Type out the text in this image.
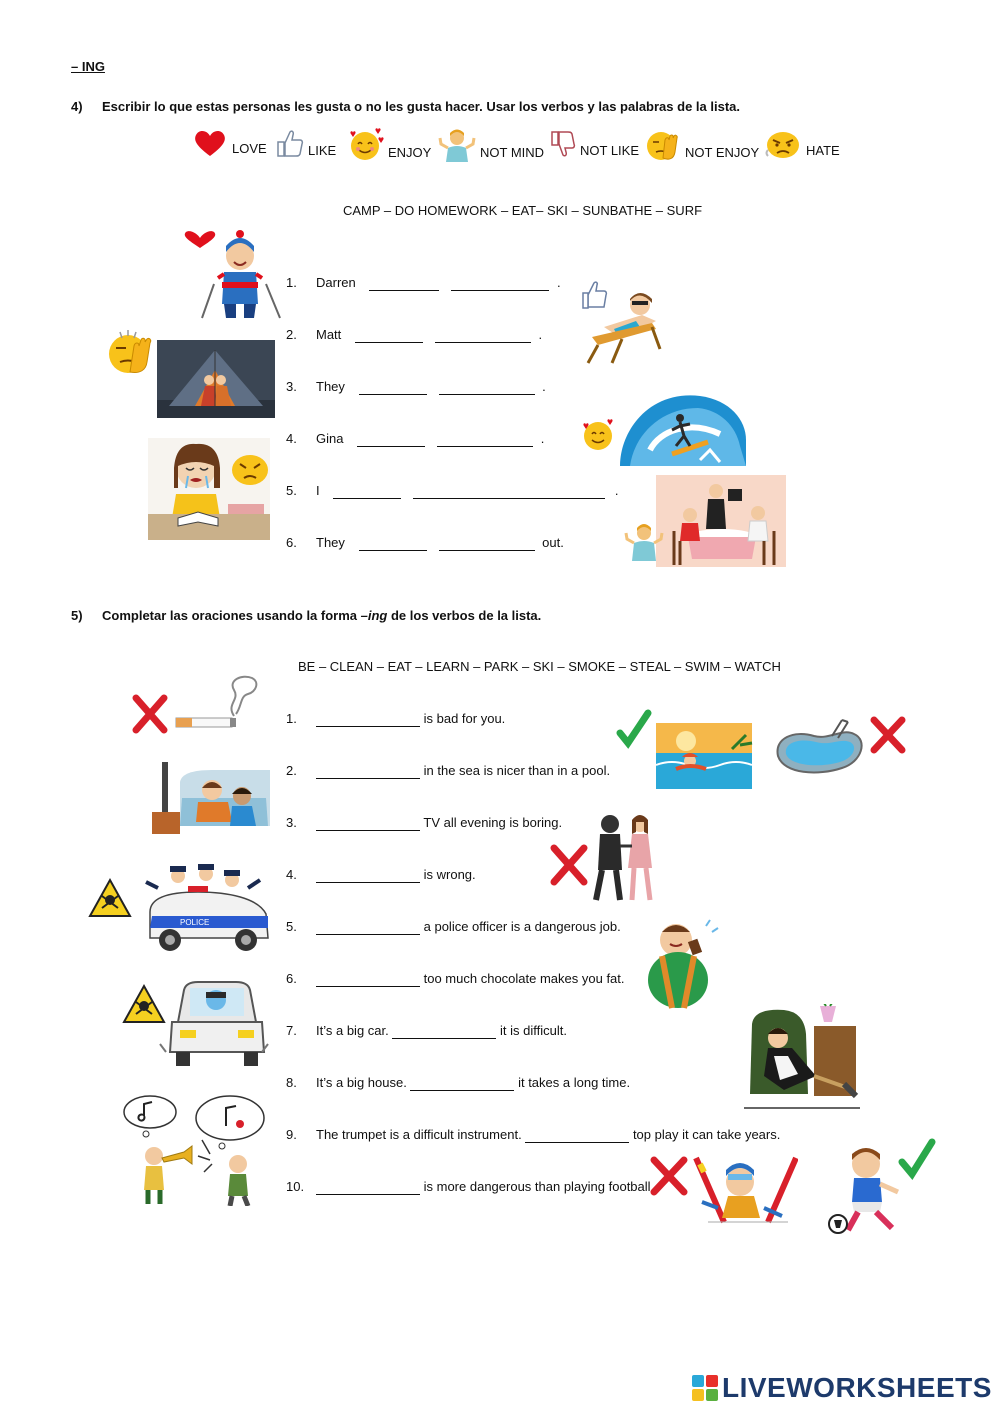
– ING
4) Escribir lo que estas personas les gusta o no les gusta hacer. Usar los verbos y las palabras de la lista.
LOVE	LIKE	ENJOY	NOT MIND	NOT LIKE	NOT ENJOY	HATE
CAMP – DO HOMEWORK – EAT– SKI – SUNBATHE – SURF
1. Darren	.
2. Matt	.
3. They	.
4. Gina	.
5. I	.
6. They	out.
5) Completar las oraciones usando la forma –ing de los verbos de la lista.
BE – CLEAN – EAT – LEARN – PARK – SKI – SMOKE – STEAL – SWIM – WATCH
1.	is bad for you.
2.	in the sea is nicer than in a pool.
3.	TV all evening is boring.
4.	is wrong.
5.	a police officer is a dangerous job.
6.	too much chocolate makes you fat.
7. It’s a big car.	it is difficult.
8. It’s a big house.	it takes a long time.
9. The trumpet is a difficult instrument.	top play it can take years.
10.	is more dangerous than playing football.
POLICE
LIVEWORKSHEETS
